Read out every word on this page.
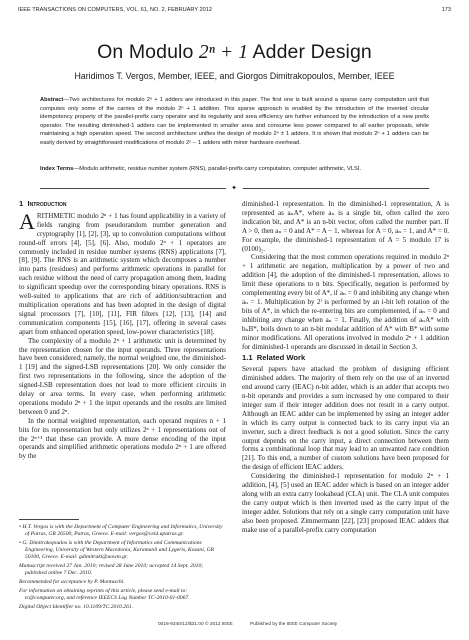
IEEE TRANSACTIONS ON COMPUTERS, VOL. 61, NO. 2, FEBRUARY 2012	173
On Modulo 2ⁿ + 1 Adder Design
Haridimos T. Vergos, Member, IEEE, and Giorgos Dimitrakopoulos, Member, IEEE
Abstract—Two architectures for modulo 2ⁿ + 1 adders are introduced in this paper. The first one is built around a sparse carry computation unit that computes only some of the carries of the modulo 2ⁿ + 1 addition. This sparse approach is enabled by the introduction of the inverted circular idempotency property of the parallel-prefix carry operator and its regularity and area efficiency are further enhanced by the introduction of a new prefix operator. The resulting diminished-1 adders can be implemented in smaller area and consume less power compared to all earlier proposals, while maintaining a high operation speed. The second architecture unifies the design of modulo 2ⁿ ± 1 adders. It is shown that modulo 2ⁿ + 1 adders can be easily derived by straightforward modifications of modulo 2ⁿ − 1 adders with minor hardware overhead.
Index Terms—Modulo arithmetic, residue number system (RNS), parallel-prefix carry computation, computer arithmetic, VLSI.
✦
1 Introduction

ARITHMETIC modulo 2ⁿ + 1 has found applicability in a variety of fields ranging from pseudorandom number generation and cryptography [1], [2], [3], up to convolution computations without round-off errors [4], [5], [6]. Also, modulo 2ⁿ + 1 operators are commonly included in residue number systems (RNS) applications [7], [8], [9]. The RNS is an arithmetic system which decomposes a number into parts (residues) and performs arithmetic operations in parallel for each residue without the need of carry propagation among them, leading to significant speedup over the corresponding binary operations. RNS is well-suited to applications that are rich of addition/subtraction and multiplication operations and has been adopted in the design of digital signal processors [7], [10], [11], FIR filters [12], [13], [14] and communication components [15], [16], [17], offering in several cases apart from enhanced operation speed, low-power characteristics [18].

The complexity of a modulo 2ⁿ + 1 arithmetic unit is determined by the representation chosen for the input operands. Three representations have been considered; namely, the normal weighted one, the diminished-1 [19] and the signed-LSB representations [20]. We only consider the first two representations in the following, since the adoption of the signed-LSB representation does not lead to more efficient circuits in delay or area terms. In every case, when performing arithmetic operations modulo 2ⁿ + 1 the input operands and the results are limited between 0 and 2ⁿ.

In the normal weighted representation, each operand requires n + 1 bits for its representation but only utilizes 2ⁿ + 1 representations out of the 2ⁿ⁺¹ that these can provide. A more dense encoding of the input operands and simplified arithmetic operations modulo 2ⁿ + 1 are offered by the

• H.T. Vergos is with the Department of Computer Engineering and Informatics, University of Patras, GR 26500, Patras, Greece. E-mail: vergos@ceid.upatras.gr.
• G. Dimitrakopoulos is with the Department of Informatics and Communications Engineering, University of Western Macedonia, Karamanli and Lygeris, Kozani, GR 50100, Greece. E-mail: gdimitrakl@uowm.gr.
Manuscript received 27 Jan. 2010; revised 28 June 2010; accepted 14 Sept. 2010; published online 7 Dec. 2010.
Recommended for acceptance by P. Montuschi.
For information on obtaining reprints of this article, please send e-mail to: tc@computer.org, and reference IEEECS Log Number TC-2010-01-0067.
Digital Object Identifier no. 10.1109/TC.2010.261.

diminished-1 representation. In the diminished-1 representation, A is represented as aₙA*, where aₙ is a single bit, often called the zero indication bit, and A* is an n-bit vector, often called the number part. If A > 0, then aₙ = 0 and A* = A − 1, whereas for A = 0, aₙ = 1, and A* = 0. For example, the diminished-1 representation of A = 5 modulo 17 is (0100)₂.

Considering that the most common operations required in modulo 2ⁿ + 1 arithmetic are negation, multiplication by a power of two and addition [4], the adoption of the diminished-1 representation, allows to limit these operations to n bits. Specifically, negation is performed by complementing every bit of A*, if aₙ = 0 and inhibiting any change when aₙ = 1. Multiplication by 2ⁱ is performed by an i-bit left rotation of the bits of A*, in which the re-entering bits are complemented, if aₙ = 0 and inhibiting any change when aₙ = 1. Finally, the addition of aₙA* with bₙB*, boils down to an n-bit modular addition of A* with B* with some minor modifications. All operations involved in modulo 2ⁿ + 1 addition for diminished-1 operands are discussed in detail in Section 3.

1.1 Related Work

Several papers have attacked the problem of designing efficient diminished adders. The majority of them rely on the use of an inverted end around carry (IEAC) n-bit adder, which is an adder that accepts two n-bit operands and provides a sum increased by one compared to their integer sum if their integer addition does not result in a carry output. Although an IEAC adder can be implemented by using an integer adder in which its carry output is connected back to its carry input via an inverter, such a direct feedback is not a good solution. Since the carry output depends on the carry input, a direct connection between them forms a combinational loop that may lead to an unwanted race condition [21]. To this end, a number of custom solutions have been proposed for the design of efficient IEAC adders.

Considering the diminished-1 representation for modulo 2ⁿ + 1 addition, [4], [5] used an IEAC adder which is based on an integer adder along with an extra carry lookahead (CLA) unit. The CLA unit computes the carry output which is then inverted used as the carry input of the integer adder. Solutions that rely on a single carry computation unit have also been proposed. Zimmermann [22], [23] proposed IEAC adders that make use of a parallel-prefix carry computation

0018-9340/12/$31.00 © 2012 IEEE	Published by the IEEE Computer Society
